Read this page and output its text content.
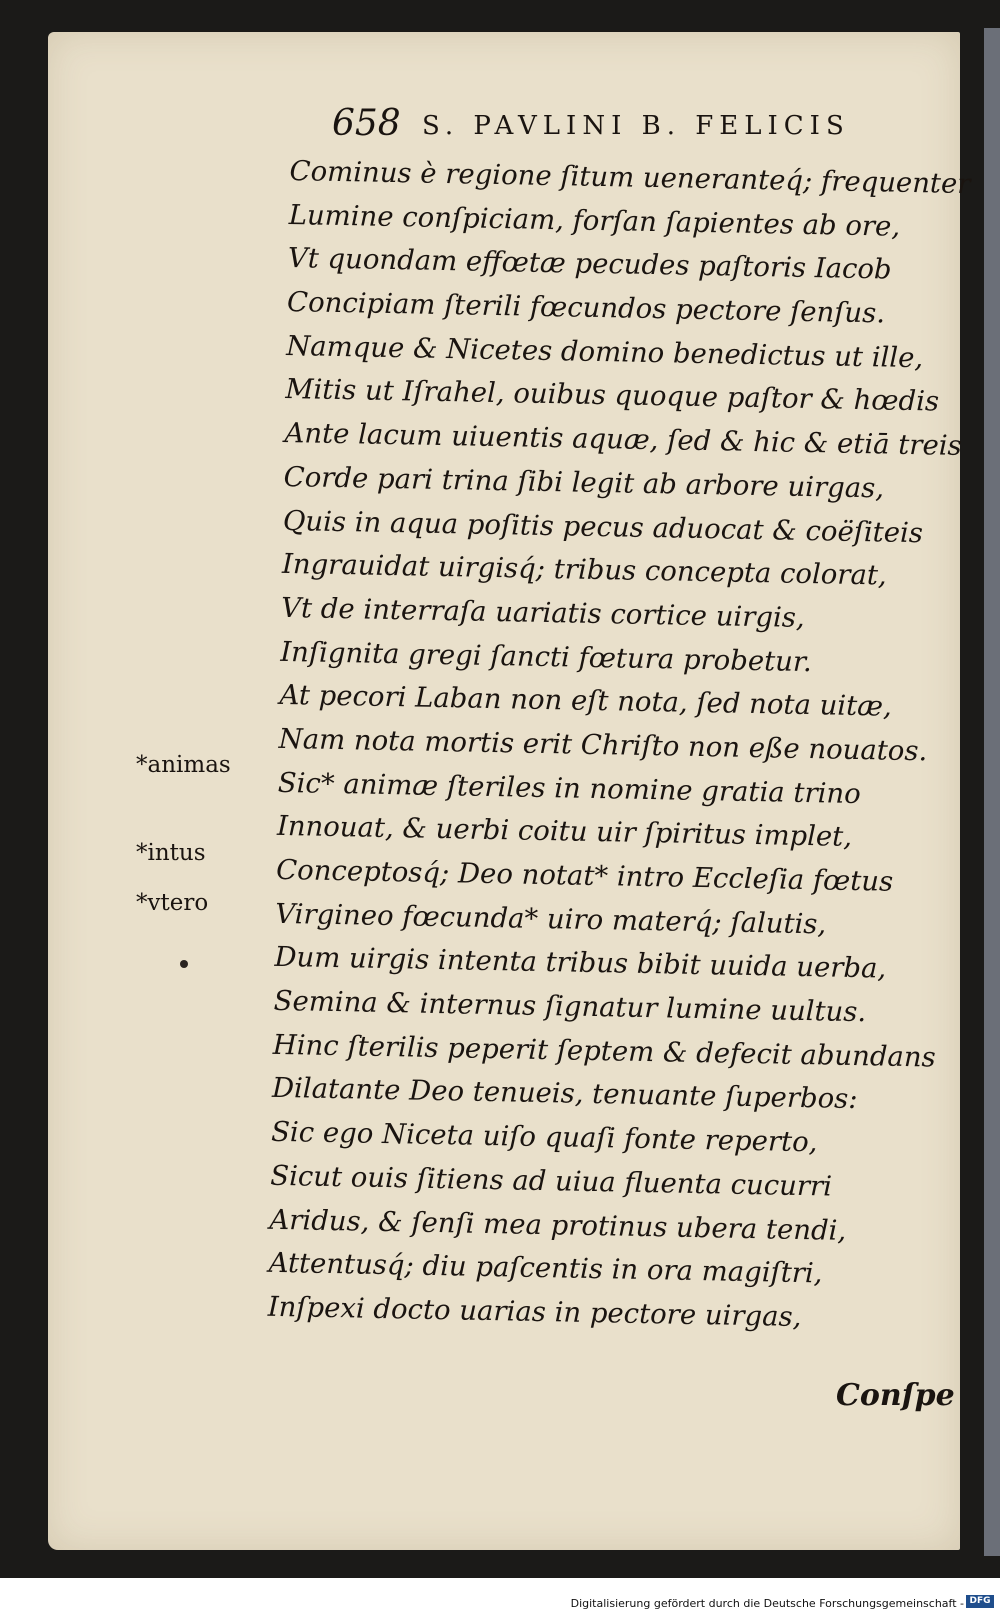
658 S. PAVLINI B. FELICIS
Cominus è regione ſitum ueneranteq́; frequenter
Lumine conſpiciam, forſan ſapientes ab ore,
Vt quondam effœtæ pecudes paſtoris Iacob
Concipiam ſterili fœcundos pectore ſenſus.
Namque & Nicetes domino benedictus ut ille,
Mitis ut Iſrahel, ouibus quoque paſtor & hœdis
Ante lacum uiuentis aquæ, ſed & hic & etiā treis
Corde pari trina ſibi legit ab arbore uirgas,
Quis in aqua poſitis pecus aduocat & coëſiteis
Ingrauidat uirgisq́; tribus concepta colorat,
Vt de interraſa uariatis cortice uirgis,
Inſignita gregi ſancti fœtura probetur.
At pecori Laban non eſt nota, ſed nota uitæ,
Nam nota mortis erit Chriſto non eße nouatos.
Sic* animæ ſteriles in nomine gratia trino
Innouat, & uerbi coitu uir ſpiritus implet,
Conceptosq́; Deo notat* intro Eccleſia fœtus
Virgineo fœcunda* uiro materq́; ſalutis,
Dum uirgis intenta tribus bibit uuida uerba,
Semina & internus ſignatur lumine uultus.
Hinc ſterilis peperit ſeptem & defecit abundans
Dilatante Deo tenueis, tenuante ſuperbos:
Sic ego Niceta uiſo quaſi fonte reperto,
Sicut ouis ſitiens ad uiua fluenta cucurri
Aridus, & ſenſi mea protinus ubera tendi,
Attentusq́; diu paſcentis in ora magiſtri,
Inſpexi docto uarias in pectore uirgas,
*animas
*intus
*vtero
Conſpe
Digitalisierung gefördert durch die Deutsche Forschungsgemeinschaft - DFG
